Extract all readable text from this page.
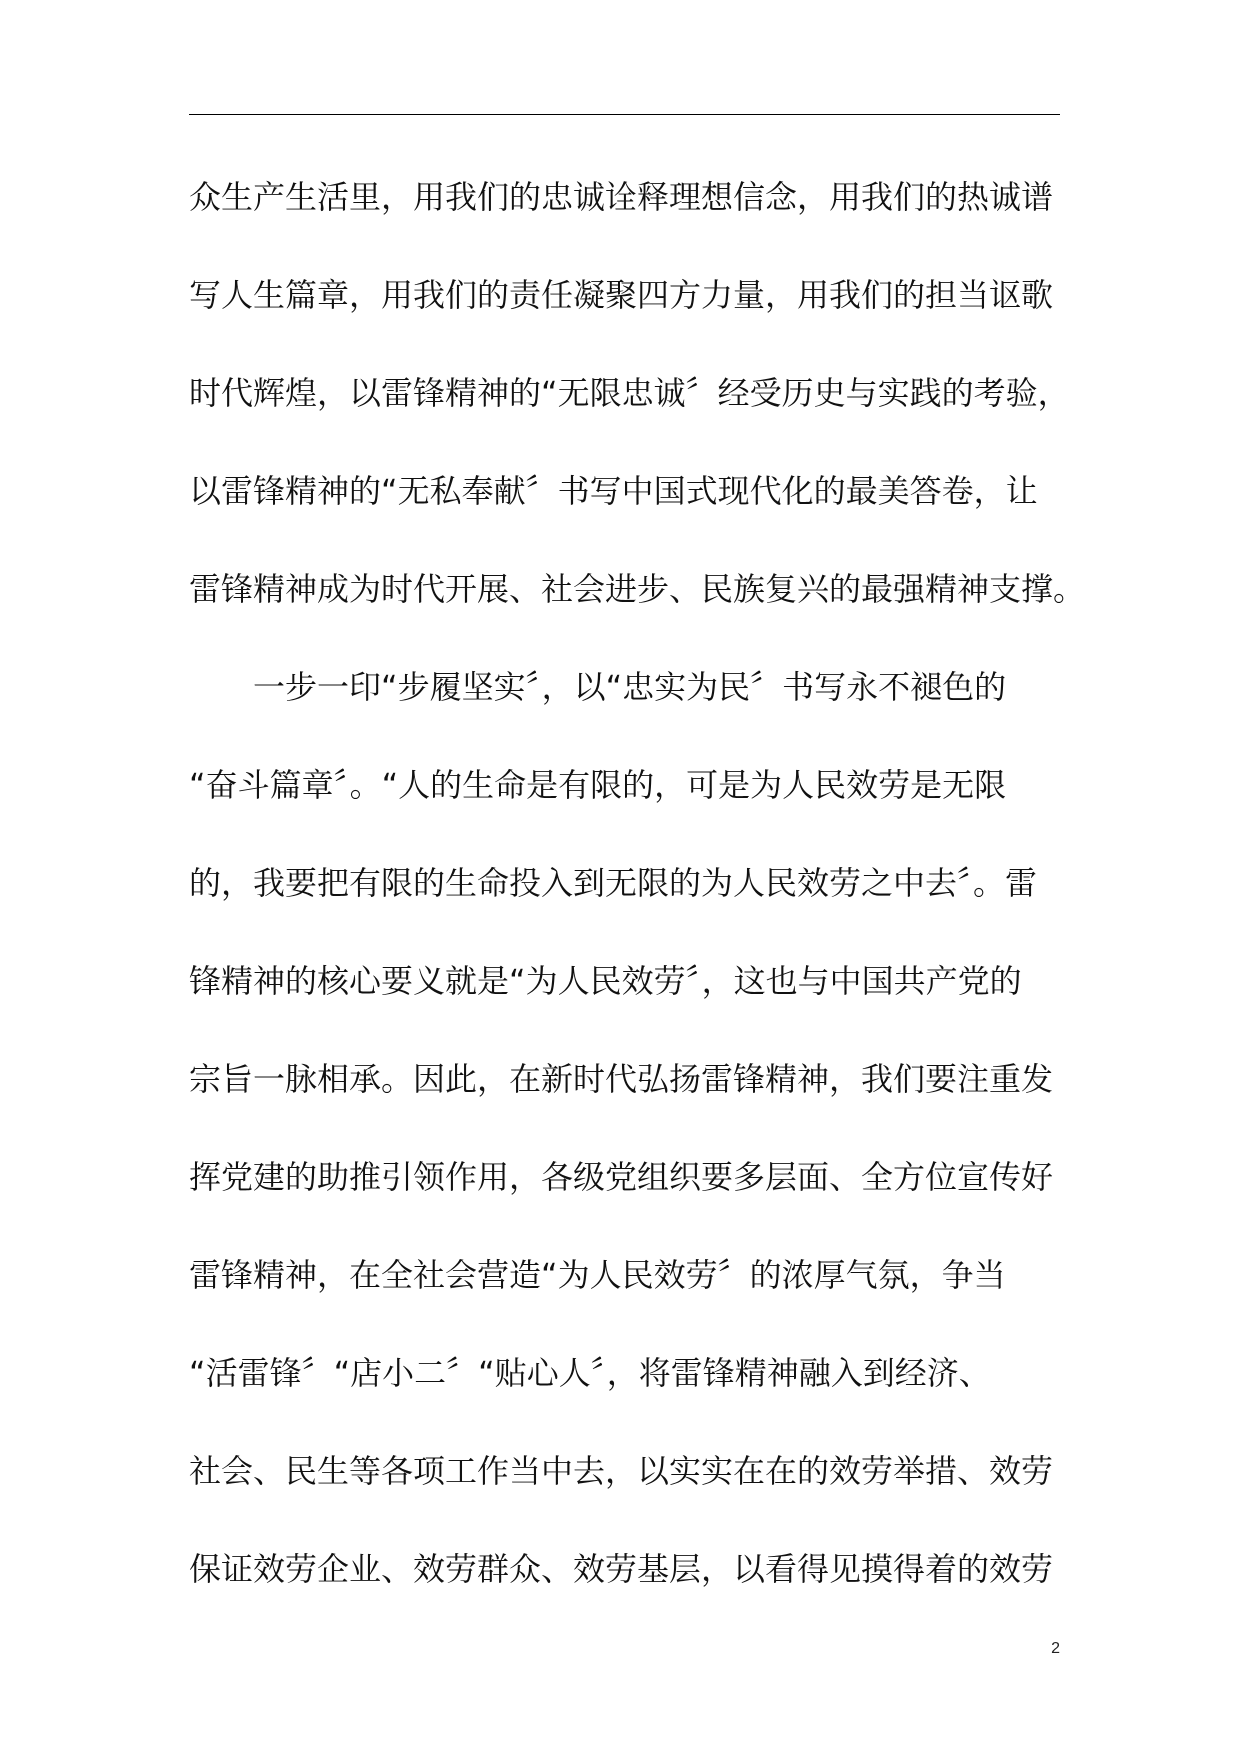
众生产生活里，用我们的忠诚诠释理想信念，用我们的热诚谱
写人生篇章，用我们的责任凝聚四方力量，用我们的担当讴歌
时代辉煌，以雷锋精神的“无限忠诚〞经受历史与实践的考验，
以雷锋精神的“无私奉献〞书写中国式现代化的最美答卷，让
雷锋精神成为时代开展、社会进步、民族复兴的最强精神支撑。
一步一印“步履坚实〞，以“忠实为民〞书写永不褪色的
“奋斗篇章〞。“人的生命是有限的，可是为人民效劳是无限
的，我要把有限的生命投入到无限的为人民效劳之中去〞。雷
锋精神的核心要义就是“为人民效劳〞，这也与中国共产党的
宗旨一脉相承。因此，在新时代弘扬雷锋精神，我们要注重发
挥党建的助推引领作用，各级党组织要多层面、全方位宣传好
雷锋精神，在全社会营造“为人民效劳〞的浓厚气氛，争当
“活雷锋〞“店小二〞“贴心人〞，将雷锋精神融入到经济、
社会、民生等各项工作当中去，以实实在在的效劳举措、效劳
保证效劳企业、效劳群众、效劳基层，以看得见摸得着的效劳
2
